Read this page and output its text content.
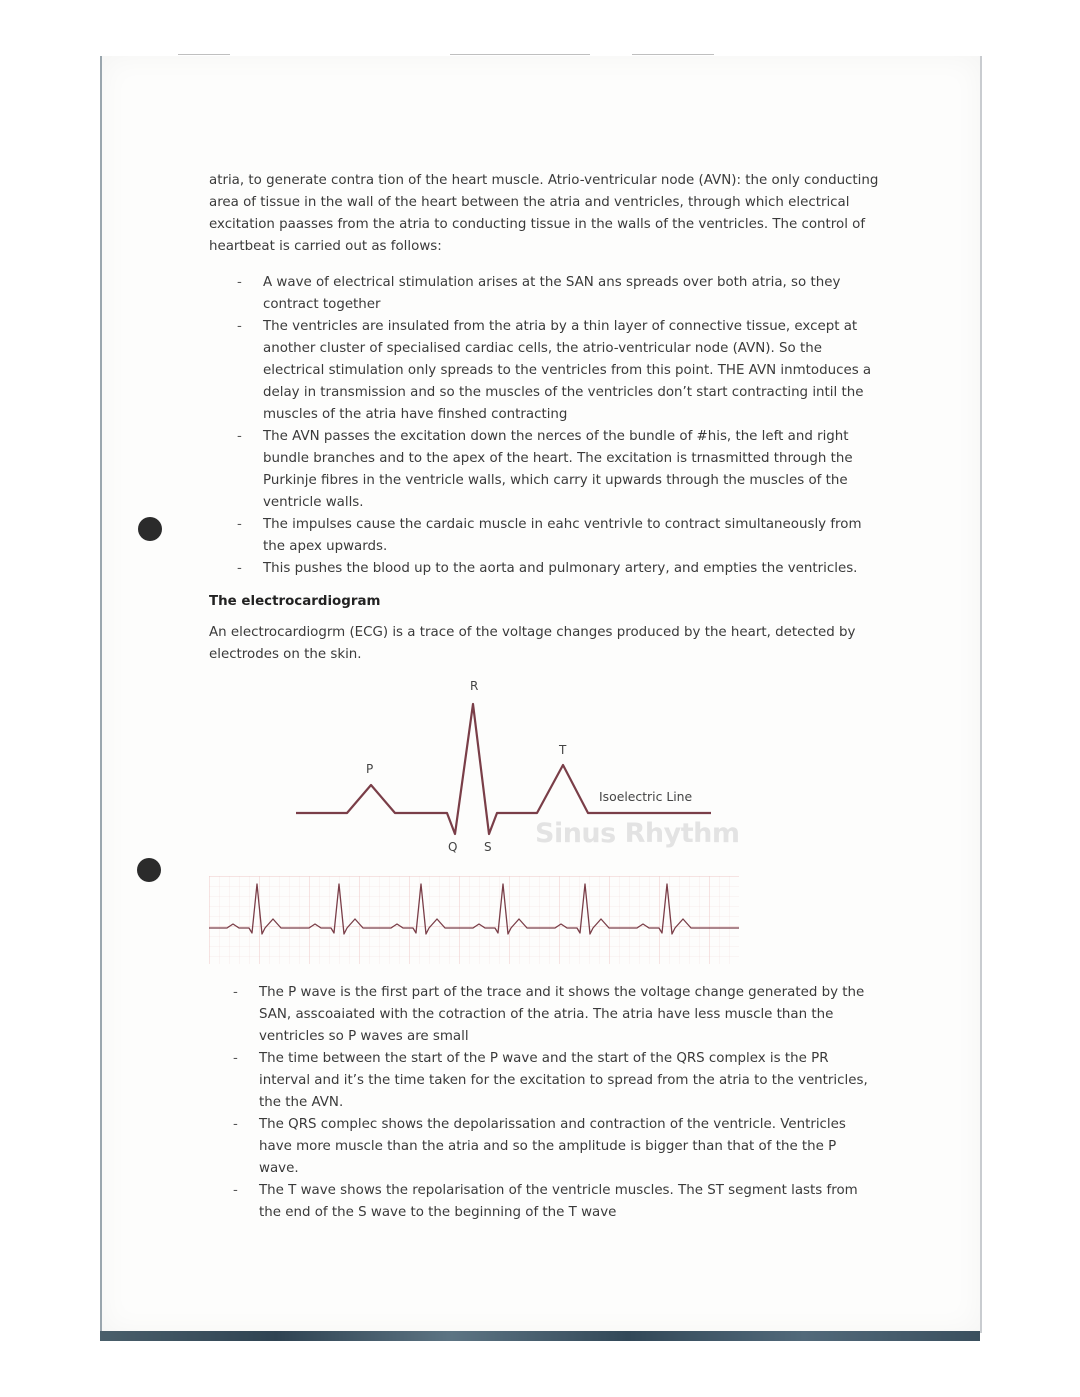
atria, to generate contra tion of the heart muscle. Atrio-ventricular node (AVN): the only conducting area of tissue in the wall of the heart between the atria and ventricles, through which electrical excitation paasses from the atria to conducting tissue in the walls of the ventricles. The control of heartbeat is carried out as follows:
- A wave of electrical stimulation arises at the SAN ans spreads over both atria, so they contract together
- The ventricles are insulated from the atria by a thin layer of connective tissue, except at another cluster of specialised cardiac cells, the atrio-ventricular node (AVN). So the electrical stimulation only spreads to the ventricles from this point. THE AVN inmtoduces a delay in transmission and so the muscles of the ventricles don’t start contracting intil the muscles of the atria have finshed contracting
- The AVN passes the excitation down the nerces of the bundle of #his, the left and right bundle branches and to the apex of the heart. The excitation is trnasmitted through the Purkinje fibres in the ventricle walls, which carry it upwards through the muscles of the ventricle walls.
- The impulses cause the cardaic muscle in eahc ventrivle to contract simultaneously from the apex upwards.
- This pushes the blood up to the aorta and pulmonary artery, and empties the ventricles.
The electrocardiogram
An electrocardiogrm (ECG) is a trace of the voltage changes produced by the heart, detected by electrodes on the skin.
R
P
T
Q S
Isoelectric Line
Sinus Rhythm
- The P wave is the first part of the trace and it shows the voltage change generated by the SAN, asscoaiated with the cotraction of the atria. The atria have less muscle than the ventricles so P waves are small
- The time between the start of the P wave and the start of the QRS complex is the PR interval and it’s the time taken for the excitation to spread from the atria to the ventricles, the the AVN.
- The QRS complec shows the depolarissation and contraction of the ventricle. Ventricles have more muscle than the atria and so the amplitude is bigger than that of the the P wave.
- The T wave shows the repolarisation of the ventricle muscles. The ST segment lasts from the end of the S wave to the beginning of the T wave
